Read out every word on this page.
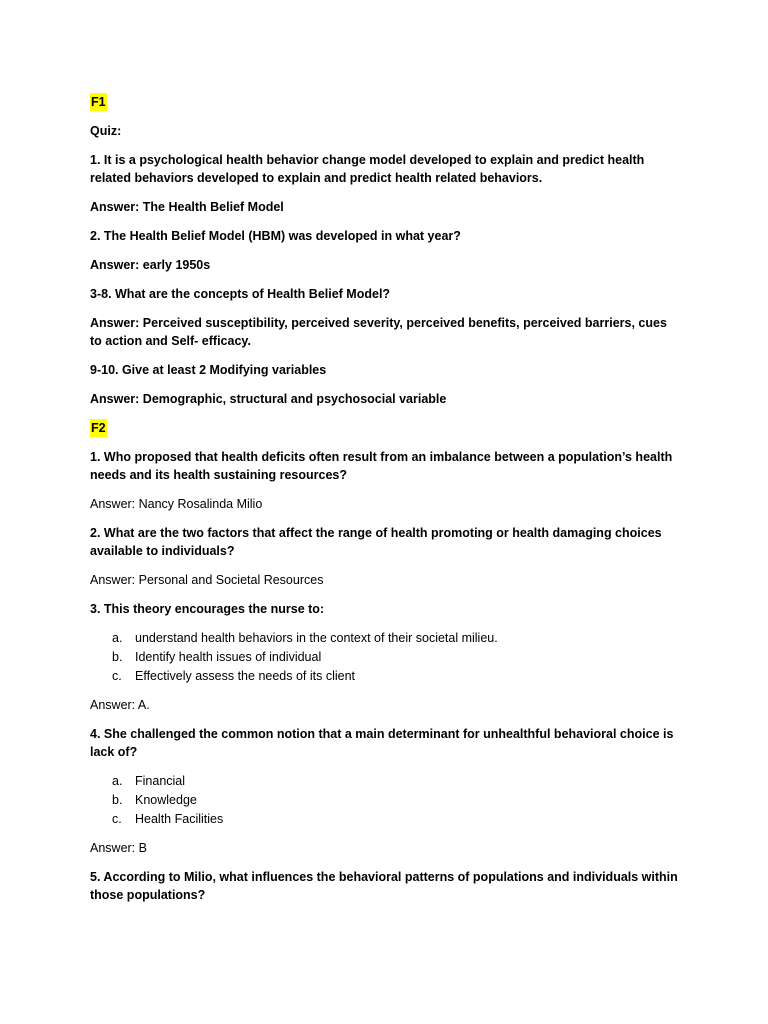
F1

Quiz:

1. It is a psychological health behavior change model developed to explain and predict health related behaviors developed to explain and predict health related behaviors.

Answer: The Health Belief Model

2. The Health Belief Model (HBM) was developed in what year?

Answer: early 1950s

3-8. What are the concepts of Health Belief Model?

Answer: Perceived susceptibility, perceived severity, perceived benefits, perceived barriers, cues to action and Self- efficacy.

9-10. Give at least 2 Modifying variables

Answer: Demographic, structural and psychosocial variable

F2

1. Who proposed that health deficits often result from an imbalance between a population’s health needs and its health sustaining resources?

Answer: Nancy Rosalinda Milio

2. What are the two factors that affect the range of health promoting or health damaging choices available to individuals?

Answer: Personal and Societal Resources

3. This theory encourages the nurse to:

a.	understand health behaviors in the context of their societal milieu.
b.	Identify health issues of individual
c.	Effectively assess the needs of its client

Answer: A.

4. She challenged the common notion that a main determinant for unhealthful behavioral choice is lack of?

a.	Financial
b.	Knowledge
c.	Health Facilities

Answer: B

5. According to Milio, what influences the behavioral patterns of populations and individuals within those populations?
